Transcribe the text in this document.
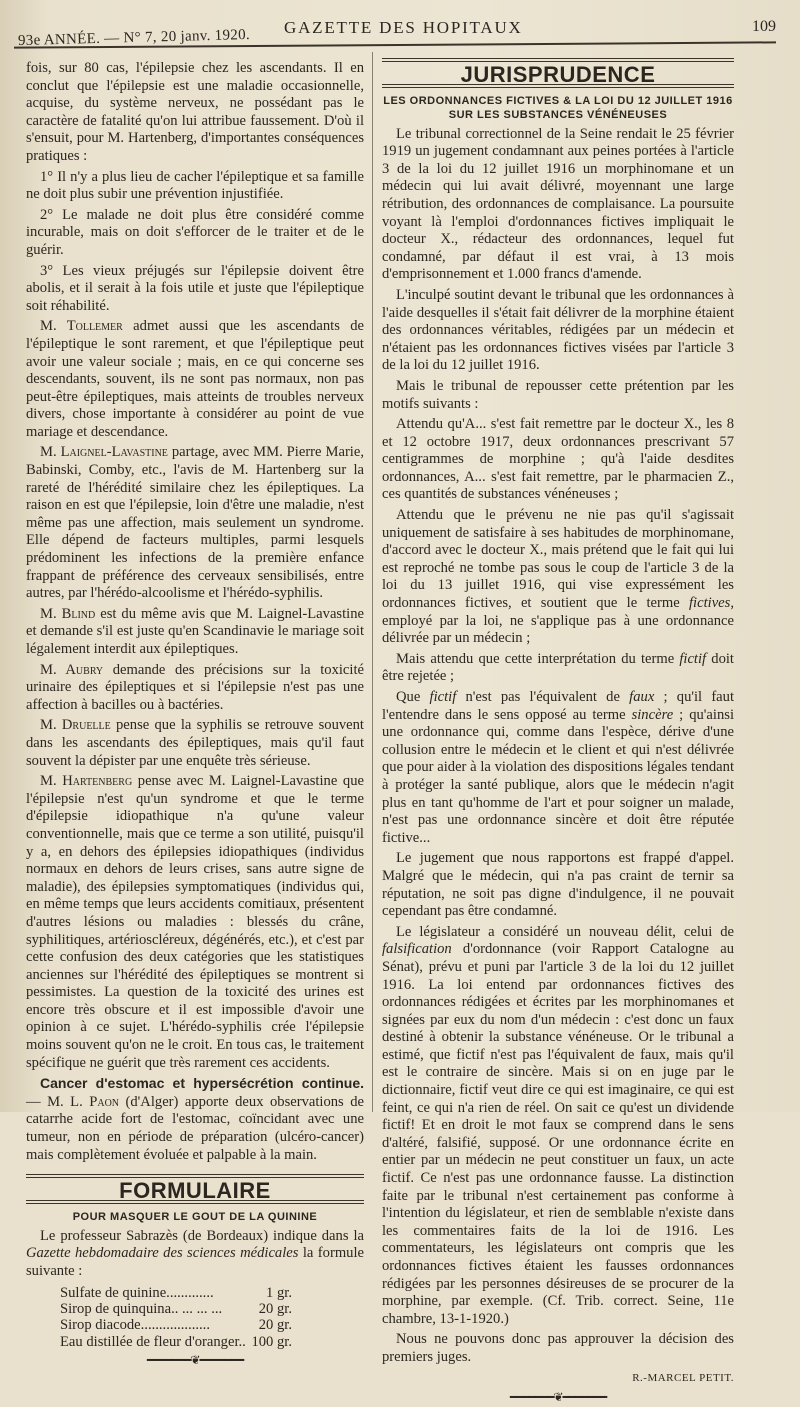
93e ANNÉE. — N° 7, 20 janv. 1920. GAZETTE DES HOPITAUX	109

fois, sur 80 cas, l'épilepsie chez les ascendants. Il en conclut que l'épilepsie est une maladie occasionnelle, acquise, du système nerveux, ne possédant pas le caractère de fatalité qu'on lui attribue faussement. D'où il s'ensuit, pour M. Hartenberg, d'importantes conséquences pratiques :

1° Il n'y a plus lieu de cacher l'épileptique et sa famille ne doit plus subir une prévention injustifiée.

2° Le malade ne doit plus être considéré comme incurable, mais on doit s'efforcer de le traiter et de le guérir.

3° Les vieux préjugés sur l'épilepsie doivent être abolis, et il serait à la fois utile et juste que l'épileptique soit réhabilité.

M. Tollemer admet aussi que les ascendants de l'épileptique le sont rarement, et que l'épileptique peut avoir une valeur sociale ; mais, en ce qui concerne ses descendants, souvent, ils ne sont pas normaux, non pas peut-être épileptiques, mais atteints de troubles nerveux divers, chose importante à considérer au point de vue mariage et descendance.

M. Laignel-Lavastine partage, avec MM. Pierre Marie, Babinski, Comby, etc., l'avis de M. Hartenberg sur la rareté de l'hérédité similaire chez les épileptiques. La raison en est que l'épilepsie, loin d'être une maladie, n'est même pas une affection, mais seulement un syndrome. Elle dépend de facteurs multiples, parmi lesquels prédominent les infections de la première enfance frappant de préférence des cerveaux sensibilisés, entre autres, par l'hérédo-alcoolisme et l'hérédo-syphilis.

M. Blind est du même avis que M. Laignel-Lavastine et demande s'il est juste qu'en Scandinavie le mariage soit légalement interdit aux épileptiques.

M. Aubry demande des précisions sur la toxicité urinaire des épileptiques et si l'épilepsie n'est pas une affection à bacilles ou à bactéries.

M. Druelle pense que la syphilis se retrouve souvent dans les ascendants des épileptiques, mais qu'il faut souvent la dépister par une enquête très sérieuse.

M. Hartenberg pense avec M. Laignel-Lavastine que l'épilepsie n'est qu'un syndrome et que le terme d'épilepsie idiopathique n'a qu'une valeur conventionnelle, mais que ce terme a son utilité, puisqu'il y a, en dehors des épilepsies idiopathiques (individus normaux en dehors de leurs crises, sans autre signe de maladie), des épilepsies symptomatiques (individus qui, en même temps que leurs accidents comitiaux, présentent d'autres lésions ou maladies : blessés du crâne, syphilitiques, artérioscléreux, dégénérés, etc.), et c'est par cette confusion des deux catégories que les statistiques anciennes sur l'hérédité des épileptiques se montrent si pessimistes. La question de la toxicité des urines est encore très obscure et il est impossible d'avoir une opinion à ce sujet. L'hérédo-syphilis crée l'épilepsie moins souvent qu'on ne le croit. En tous cas, le traitement spécifique ne guérit que très rarement ces accidents.

Cancer d'estomac et hypersécrétion continue. — M. L. Paon (d'Alger) apporte deux observations de catarrhe acide fort de l'estomac, coïncidant avec une tumeur, non en période de préparation (ulcéro-cancer) mais complètement évoluée et palpable à la main.

FORMULAIRE
POUR MASQUER LE GOUT DE LA QUININE

Le professeur Sabrazès (de Bordeaux) indique dans la Gazette hebdomadaire des sciences médicales la formule suivante :

Sulfate de quinine.............	1 gr.
Sirop de quinquina.. ... ... ...	20 gr.
Sirop diacode...................	20 gr.
Eau distillée de fleur d'oranger.. 100 gr.
━━━━━━━❦━━━━━━━
JURISPRUDENCE
LES ORDONNANCES FICTIVES & LA LOI DU 12 JUILLET 1916 SUR LES SUBSTANCES VÉNÉNEUSES

Le tribunal correctionnel de la Seine rendait le 25 février 1919 un jugement condamnant aux peines portées à l'article 3 de la loi du 12 juillet 1916 un morphinomane et un médecin qui lui avait délivré, moyennant une large rétribution, des ordonnances de complaisance. La poursuite voyant là l'emploi d'ordonnances fictives impliquait le docteur X., rédacteur des ordonnances, lequel fut condamné, par défaut il est vrai, à 13 mois d'emprisonnement et 1.000 francs d'amende.

L'inculpé soutint devant le tribunal que les ordonnances à l'aide desquelles il s'était fait délivrer de la morphine étaient des ordonnances véritables, rédigées par un médecin et n'étaient pas les ordonnances fictives visées par l'article 3 de la loi du 12 juillet 1916.

Mais le tribunal de repousser cette prétention par les motifs suivants :

Attendu qu'A... s'est fait remettre par le docteur X., les 8 et 12 octobre 1917, deux ordonnances prescrivant 57 centigrammes de morphine ; qu'à l'aide desdites ordonnances, A... s'est fait remettre, par le pharmacien Z., ces quantités de substances vénéneuses ;

Attendu que le prévenu ne nie pas qu'il s'agissait uniquement de satisfaire à ses habitudes de morphinomane, d'accord avec le docteur X., mais prétend que le fait qui lui est reproché ne tombe pas sous le coup de l'article 3 de la loi du 13 juillet 1916, qui vise expressément les ordonnances fictives, et soutient que le terme fictives, employé par la loi, ne s'applique pas à une ordonnance délivrée par un médecin ;

Mais attendu que cette interprétation du terme fictif doit être rejetée ;

Que fictif n'est pas l'équivalent de faux ; qu'il faut l'entendre dans le sens opposé au terme sincère ; qu'ainsi une ordonnance qui, comme dans l'espèce, dérive d'une collusion entre le médecin et le client et qui n'est délivrée que pour aider à la violation des dispositions légales tendant à protéger la santé publique, alors que le médecin n'agit plus en tant qu'homme de l'art et pour soigner un malade, n'est pas une ordonnance sincère et doit être réputée fictive...

Le jugement que nous rapportons est frappé d'appel. Malgré que le médecin, qui n'a pas craint de ternir sa réputation, ne soit pas digne d'indulgence, il ne pouvait cependant pas être condamné.

Le législateur a considéré un nouveau délit, celui de falsification d'ordonnance (voir Rapport Catalogne au Sénat), prévu et puni par l'article 3 de la loi du 12 juillet 1916. La loi entend par ordonnances fictives des ordonnances rédigées et écrites par les morphinomanes et signées par eux du nom d'un médecin : c'est donc un faux destiné à obtenir la substance vénéneuse. Or le tribunal a estimé, que fictif n'est pas l'équivalent de faux, mais qu'il est le contraire de sincère. Mais si on en juge par le dictionnaire, fictif veut dire ce qui est imaginaire, ce qui est feint, ce qui n'a rien de réel. On sait ce qu'est un dividende fictif! Et en droit le mot faux se comprend dans le sens d'altéré, falsifié, supposé. Or une ordonnance écrite en entier par un médecin ne peut constituer un faux, un acte fictif. Ce n'est pas une ordonnance fausse. La distinction faite par le tribunal n'est certainement pas conforme à l'intention du législateur, et rien de semblable n'existe dans les commentaires faits de la loi de 1916. Les commentateurs, les législateurs ont compris que les ordonnances fictives étaient les fausses ordonnances rédigées par les personnes désireuses de se procurer de la morphine, par exemple. (Cf. Trib. correct. Seine, 11e chambre, 13-1-1920.)

Nous ne pouvons donc pas approuver la décision des premiers juges.

R.-MARCEL PETIT.
━━━━━━━❦━━━━━━━
